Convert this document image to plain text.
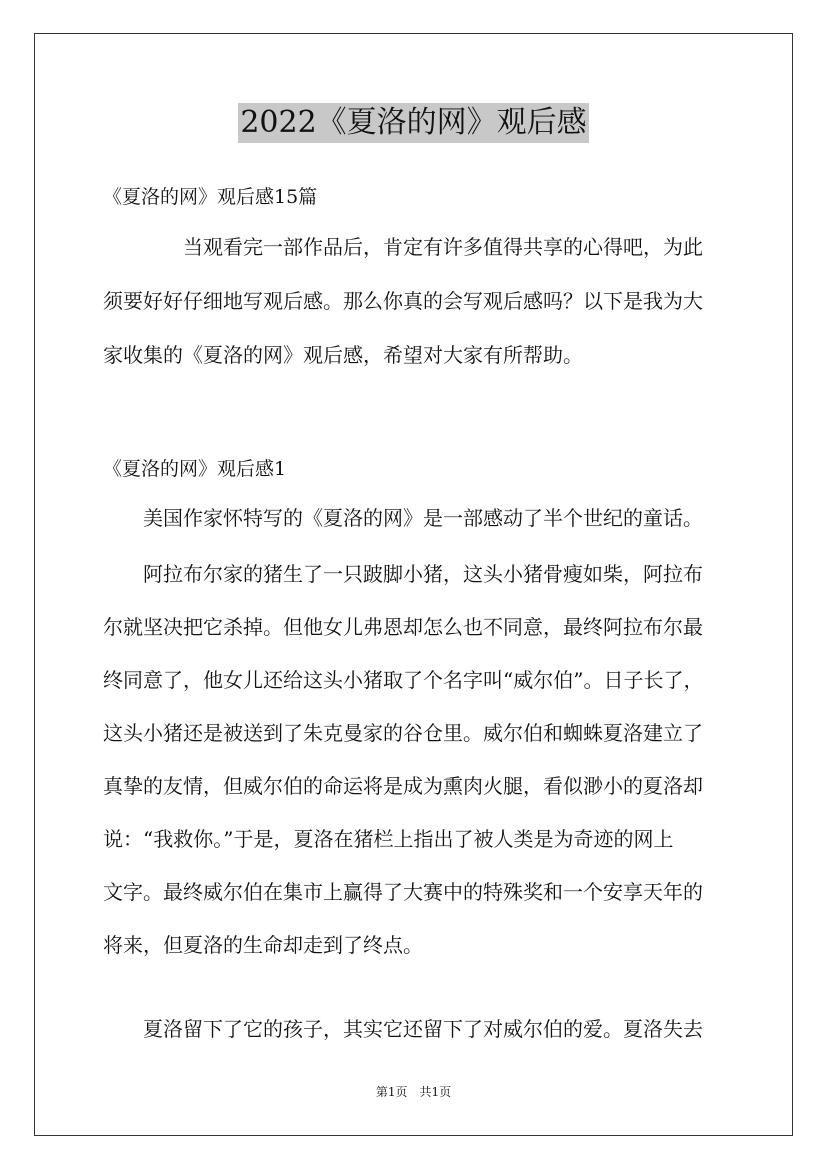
2022《夏洛的网》观后感
《夏洛的网》观后感15篇

　　　　当观看完一部作品后，肯定有许多值得共享的心得吧，为此

须要好好仔细地写观后感。那么你真的会写观后感吗？以下是我为大

家收集的《夏洛的网》观后感，希望对大家有所帮助。

《夏洛的网》观后感1

　　美国作家怀特写的《夏洛的网》是一部感动了半个世纪的童话。

　　阿拉布尔家的猪生了一只跛脚小猪，这头小猪骨瘦如柴，阿拉布

尔就坚决把它杀掉。但他女儿弗恩却怎么也不同意，最终阿拉布尔最

终同意了，他女儿还给这头小猪取了个名字叫“威尔伯”。日子长了，

这头小猪还是被送到了朱克曼家的谷仓里。威尔伯和蜘蛛夏洛建立了

真挚的友情，但威尔伯的命运将是成为熏肉火腿，看似渺小的夏洛却

说：“我救你。”于是，夏洛在猪栏上指出了被人类是为奇迹的网上

文字。最终威尔伯在集市上赢得了大赛中的特殊奖和一个安享天年的

将来，但夏洛的生命却走到了终点。

　　夏洛留下了它的孩子，其实它还留下了对威尔伯的爱。夏洛失去

第1页　共1页
